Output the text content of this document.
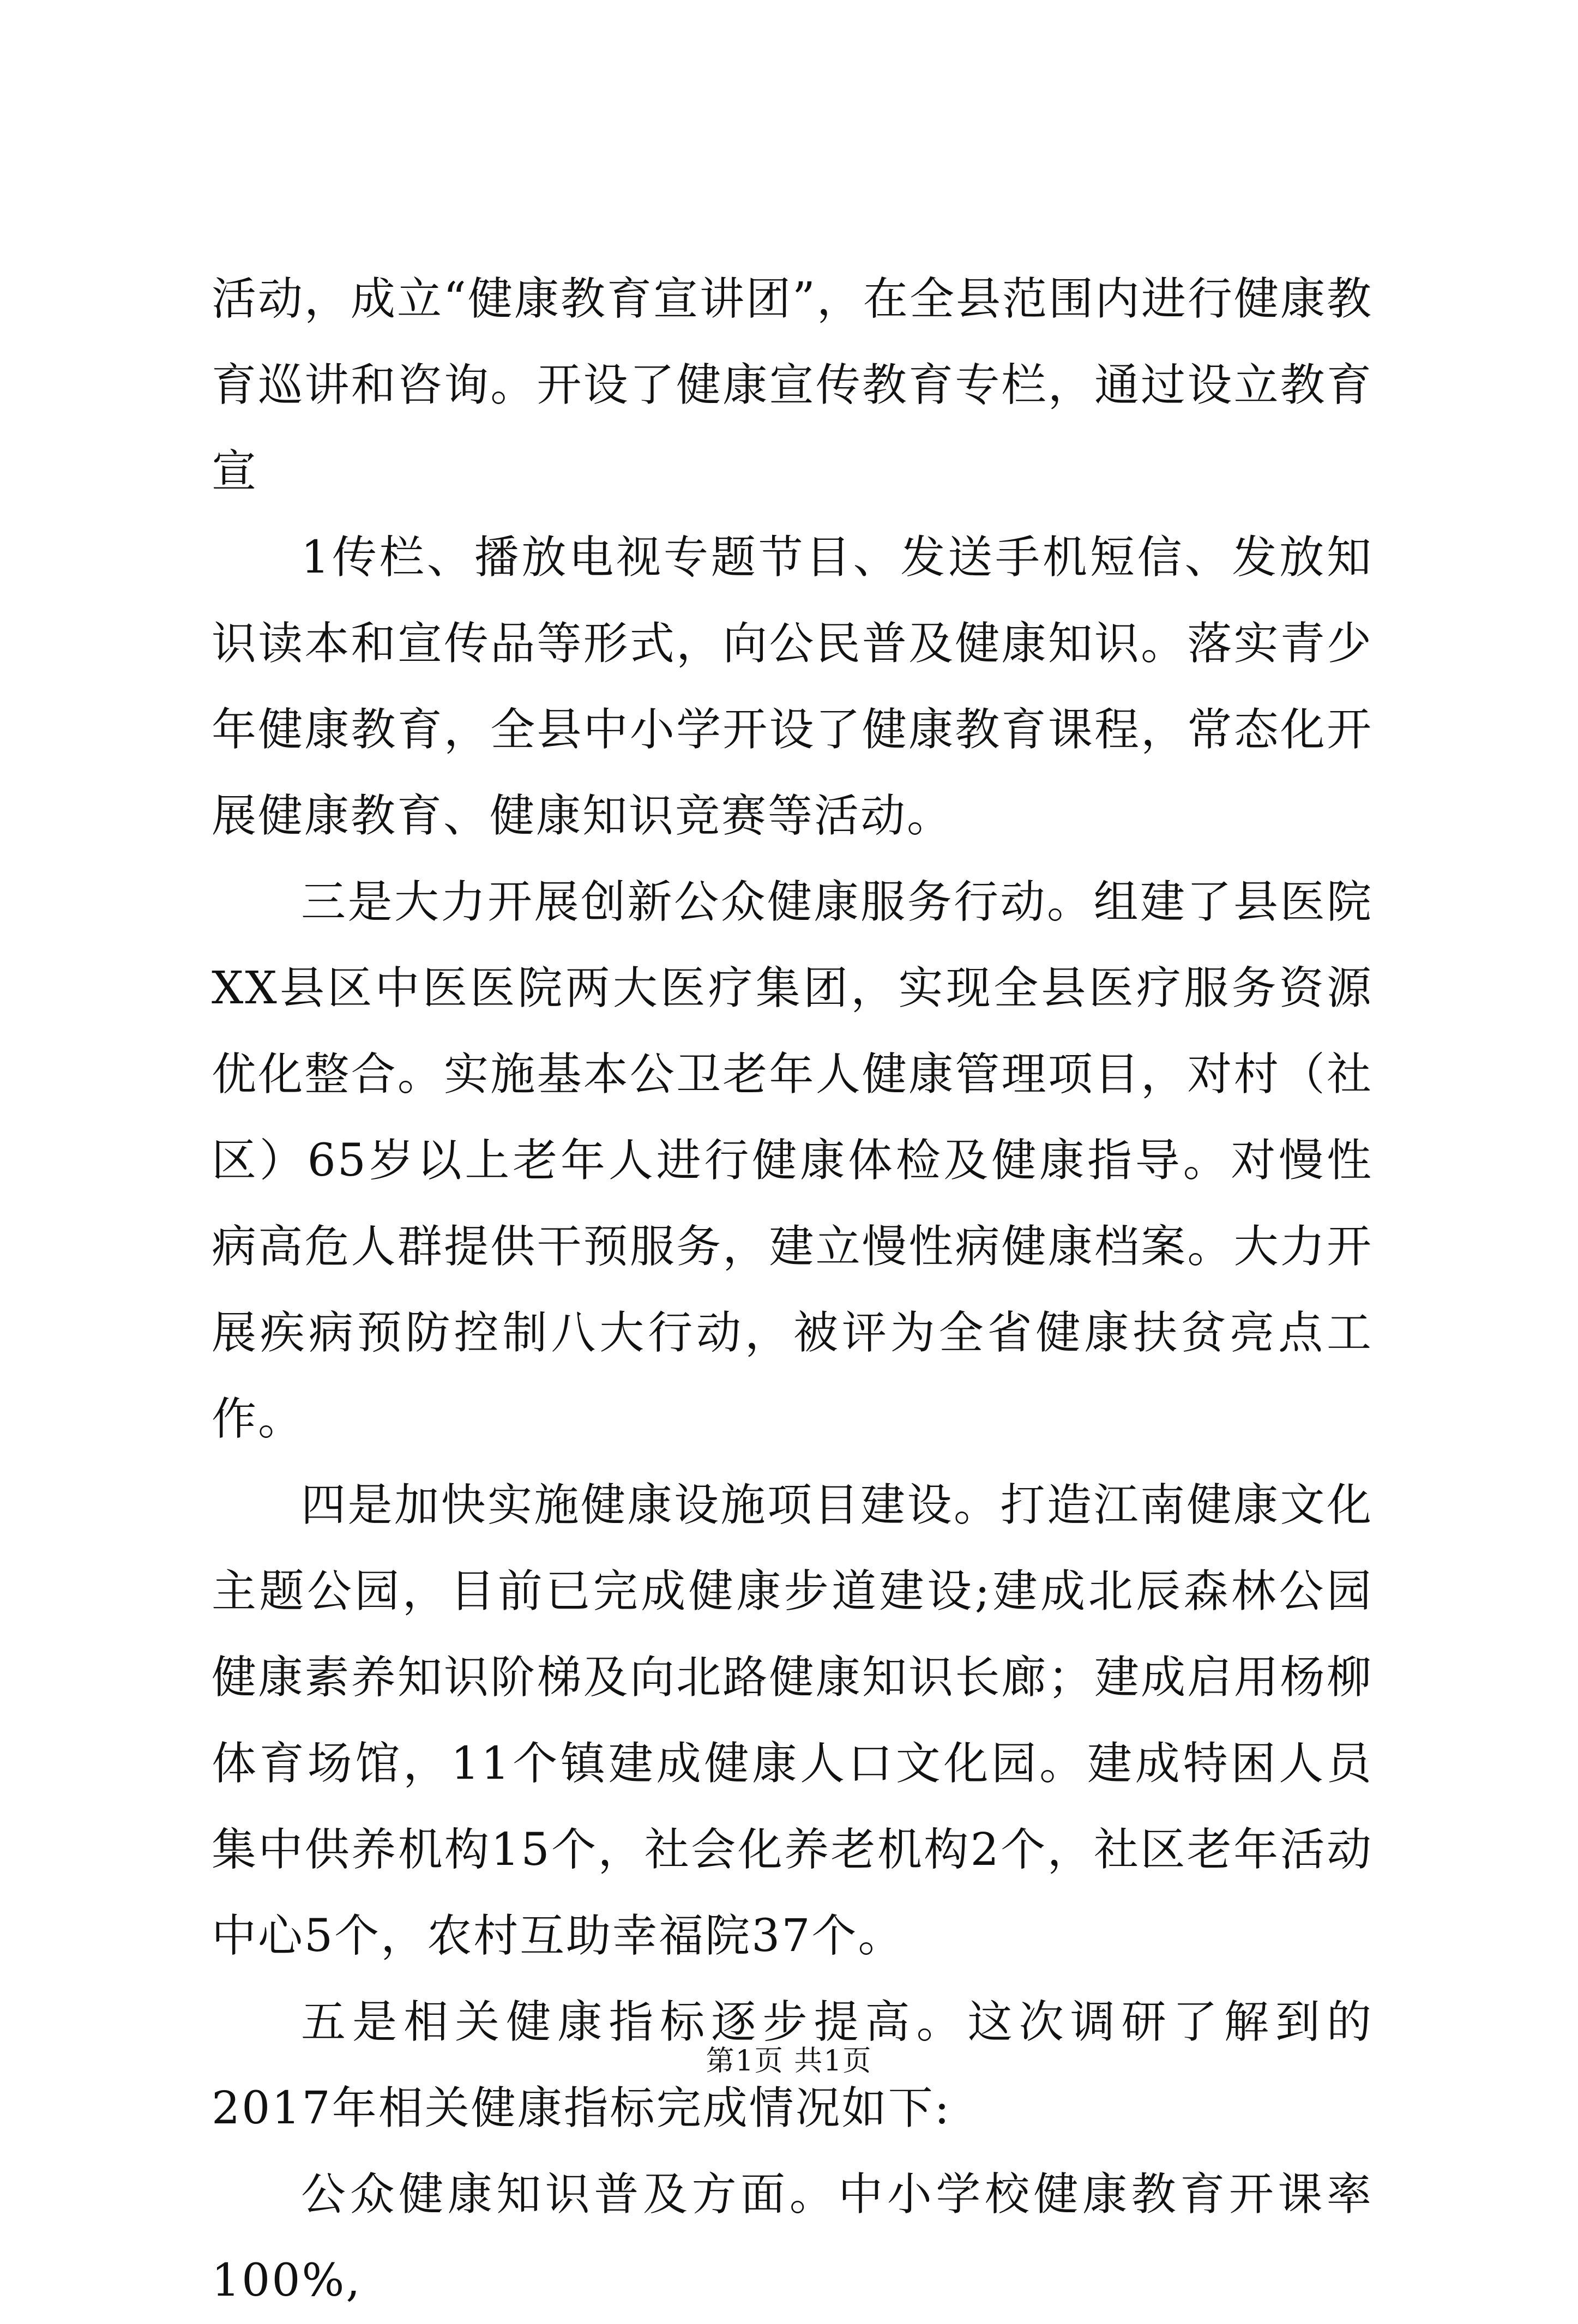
活动，成立“健康教育宣讲团”，在全县范围内进行健康教育巡讲和咨询。开设了健康宣传教育专栏，通过设立教育宣

1传栏、播放电视专题节目、发送手机短信、发放知识读本和宣传品等形式，向公民普及健康知识。落实青少年健康教育，全县中小学开设了健康教育课程，常态化开展健康教育、健康知识竞赛等活动。

三是大力开展创新公众健康服务行动。组建了县医院XX县区中医医院两大医疗集团，实现全县医疗服务资源优化整合。实施基本公卫老年人健康管理项目，对村（社区）65岁以上老年人进行健康体检及健康指导。对慢性病高危人群提供干预服务，建立慢性病健康档案。大力开展疾病预防控制八大行动，被评为全省健康扶贫亮点工作。

四是加快实施健康设施项目建设。打造江南健康文化主题公园，目前已完成健康步道建设;建成北辰森林公园健康素养知识阶梯及向北路健康知识长廊；建成启用杨柳体育场馆，11个镇建成健康人口文化园。建成特困人员集中供养机构15个，社会化养老机构2个，社区老年活动中心5个，农村互助幸福院37个。

五是相关健康指标逐步提高。这次调研了解到的2017年相关健康指标完成情况如下:

公众健康知识普及方面。中小学校健康教育开课率100%,

第1页 共1页
